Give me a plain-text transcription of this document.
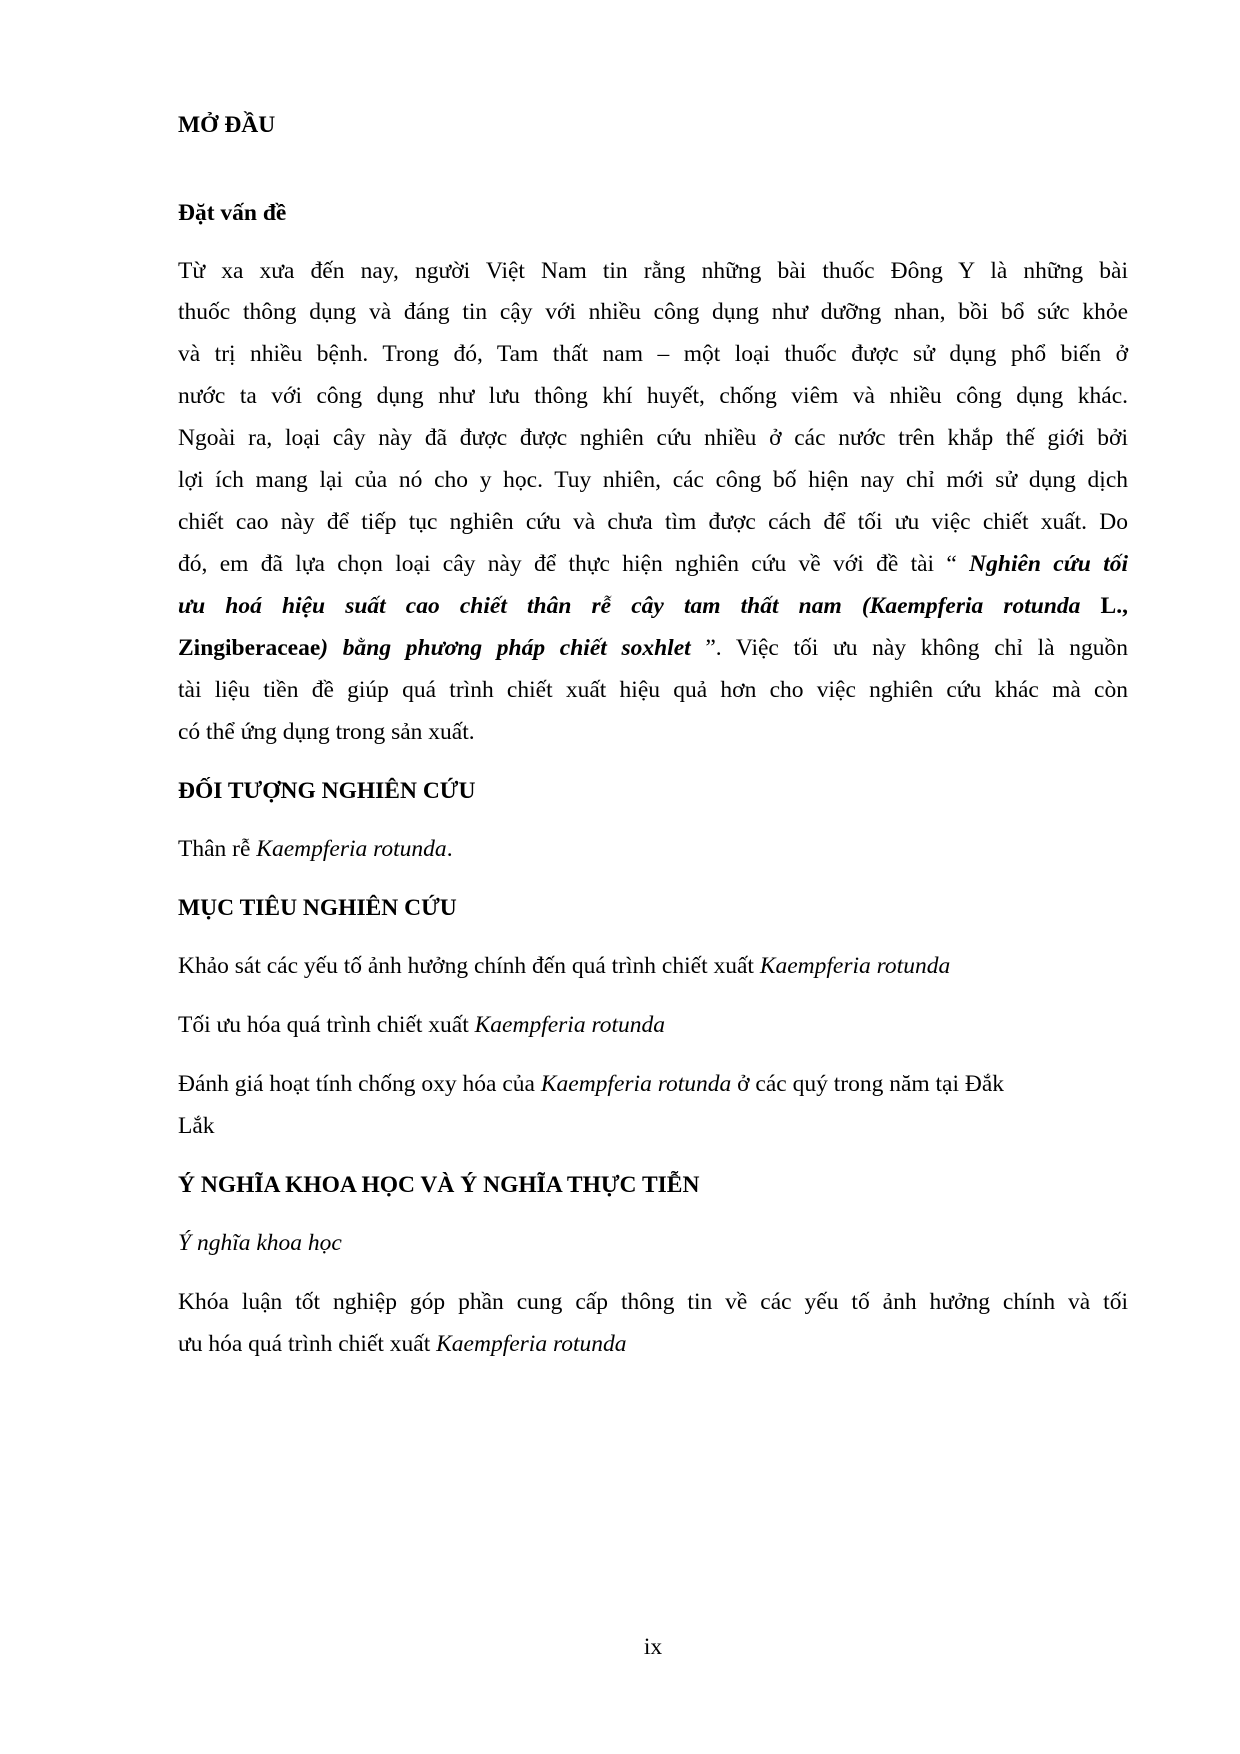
MỞ ĐẦU
Đặt vấn đề
Từ xa xưa đến nay, người Việt Nam tin rằng những bài thuốc Đông Y là những bài
thuốc thông dụng và đáng tin cậy với nhiều công dụng như dưỡng nhan, bồi bổ sức khỏe
và trị nhiều bệnh. Trong đó, Tam thất nam – một loại thuốc được sử dụng phổ biến ở
nước ta với công dụng như lưu thông khí huyết, chống viêm và nhiều công dụng khác.
Ngoài ra, loại cây này đã được được nghiên cứu nhiều ở các nước trên khắp thế giới bởi
lợi ích mang lại của nó cho y học. Tuy nhiên, các công bố hiện nay chỉ mới sử dụng dịch
chiết cao này để tiếp tục nghiên cứu và chưa tìm được cách để tối ưu việc chiết xuất. Do
đó, em đã lựa chọn loại cây này để thực hiện nghiên cứu về với đề tài “ Nghiên cứu tối
ưu hoá hiệu suất cao chiết thân rễ cây tam thất nam (Kaempferia rotunda L.,
Zingiberaceae) bằng phương pháp chiết soxhlet ”. Việc tối ưu này không chỉ là nguồn
tài liệu tiền đề giúp quá trình chiết xuất hiệu quả hơn cho việc nghiên cứu khác mà còn
có thể ứng dụng trong sản xuất.
ĐỐI TƯỢNG NGHIÊN CỨU
Thân rễ Kaempferia rotunda.
MỤC TIÊU NGHIÊN CỨU
Khảo sát các yếu tố ảnh hưởng chính đến quá trình chiết xuất Kaempferia rotunda
Tối ưu hóa quá trình chiết xuất Kaempferia rotunda
Đánh giá hoạt tính chống oxy hóa của Kaempferia rotunda ở các quý trong năm tại Đắk
Lắk
Ý NGHĨA KHOA HỌC VÀ Ý NGHĨA THỰC TIỄN
Ý nghĩa khoa học
Khóa luận tốt nghiệp góp phần cung cấp thông tin về các yếu tố ảnh hưởng chính và tối
ưu hóa quá trình chiết xuất Kaempferia rotunda
ix
